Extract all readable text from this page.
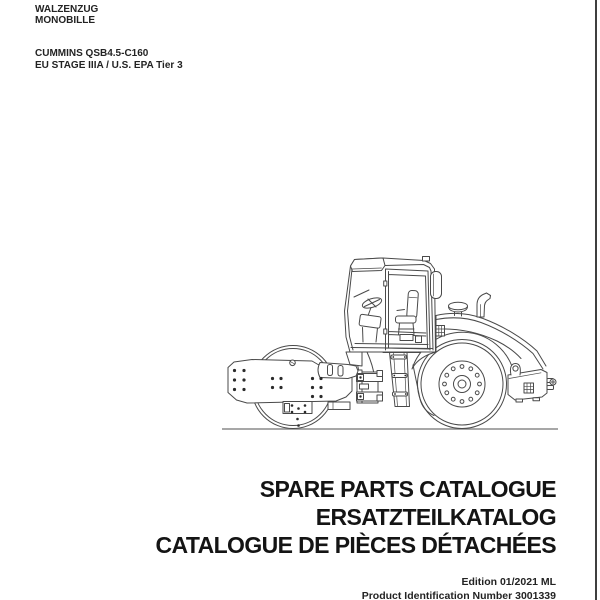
WALZENZUG
MONOBILLE
CUMMINS QSB4.5-C160
EU STAGE IIIA / U.S. EPA Tier 3
SPARE PARTS CATALOGUE
ERSATZTEILKATALOG
CATALOGUE DE PIÈCES DÉTACHÉES
Edition 01/2021 ML
Product Identification Number 3001339
